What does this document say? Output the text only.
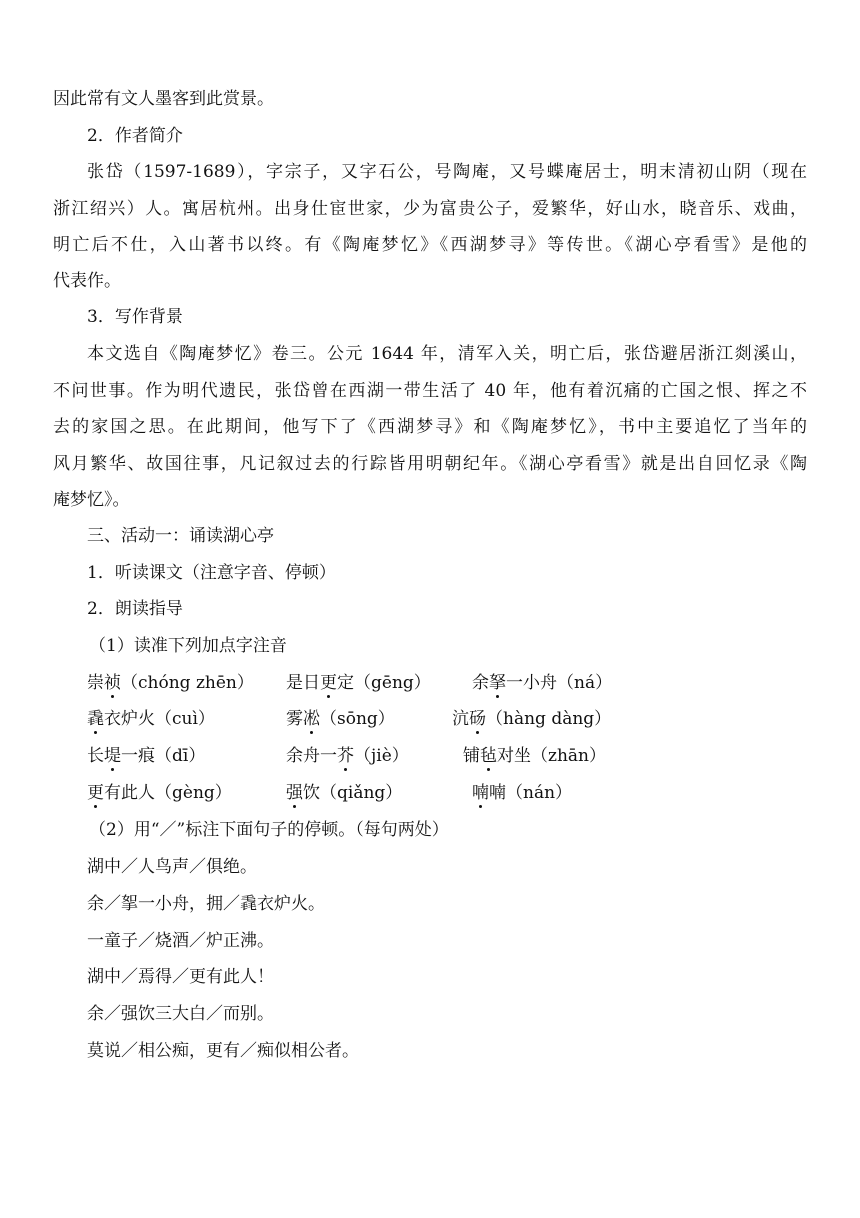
因此常有文人墨客到此赏景。
2．作者简介
张岱（1597-1689），字宗子，又字石公，号陶庵，又号蝶庵居士，明末清初山阴（现在
浙江绍兴）人。寓居杭州。出身仕宦世家，少为富贵公子，爱繁华，好山水，晓音乐、戏曲，
明亡后不仕，入山著书以终。有《陶庵梦忆》《西湖梦寻》等传世。《湖心亭看雪》是他的
代表作。
3．写作背景
本文选自《陶庵梦忆》卷三。公元 1644 年，清军入关，明亡后，张岱避居浙江剡溪山，
不问世事。作为明代遗民，张岱曾在西湖一带生活了 40 年，他有着沉痛的亡国之恨、挥之不
去的家国之思。在此期间，他写下了《西湖梦寻》和《陶庵梦忆》，书中主要追忆了当年的
风月繁华、故国往事，凡记叙过去的行踪皆用明朝纪年。《湖心亭看雪》就是出自回忆录《陶
庵梦忆》。
三、活动一：诵读湖心亭
1．听读课文（注意字音、停顿）
2．朗读指导
（1）读准下列加点字注音
崇祯（chóng zhēn） 是日更定（gēng） 余拏一小舟（ná）
毳衣炉火（cuì）	雾凇（sōng）	沆砀（hàng dàng）
长堤一痕（dī）	余舟一芥（jiè）	铺毡对坐（zhān）
更有此人（gèng）	强饮（qiǎng）	喃喃（nán）
（2）用“／”标注下面句子的停顿。（每句两处）
湖中／人鸟声／俱绝。
余／挐一小舟，拥／毳衣炉火。
一童子／烧酒／炉正沸。
湖中／焉得／更有此人！
余／强饮三大白／而别。
莫说／相公痴，更有／痴似相公者。
